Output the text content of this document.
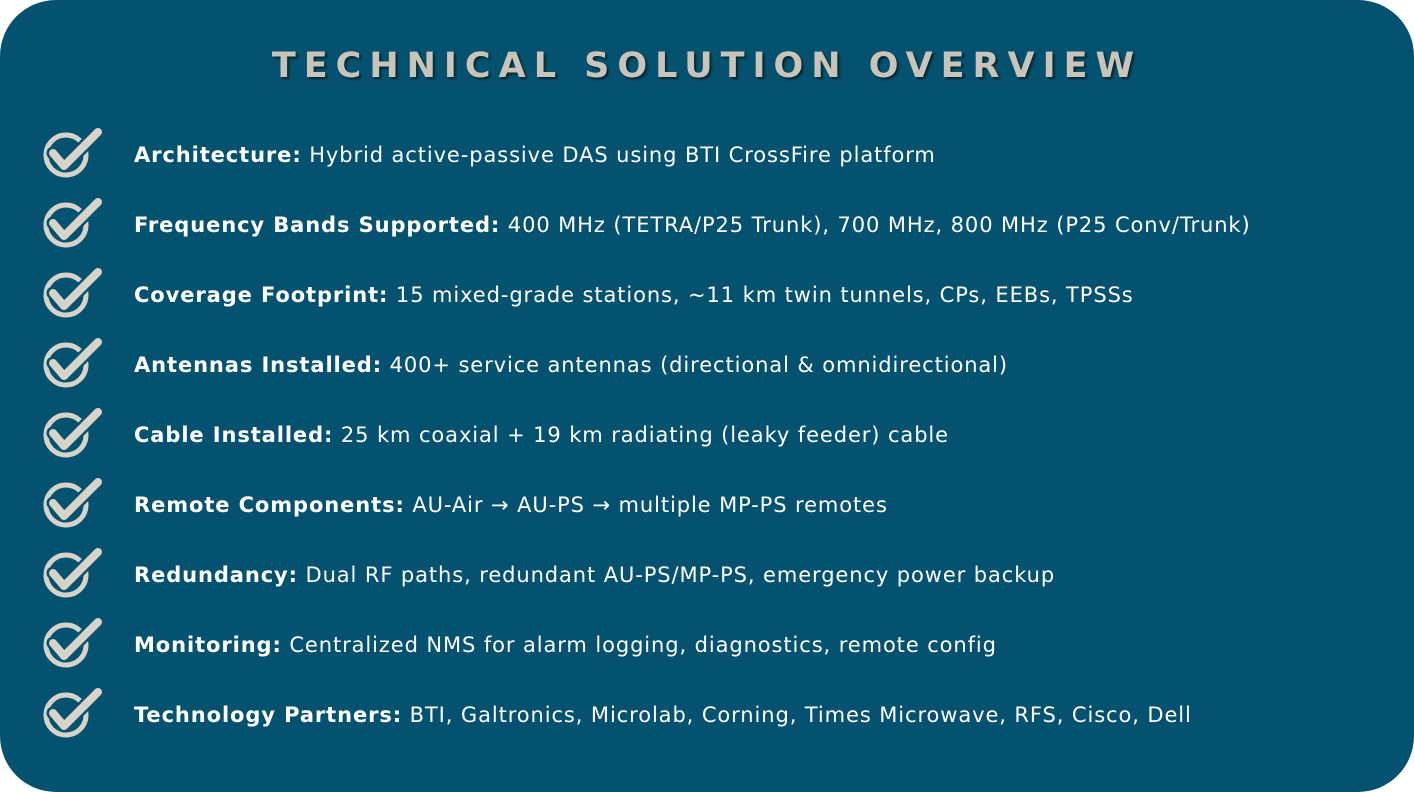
TECHNICAL SOLUTION OVERVIEW
Architecture: Hybrid active-passive DAS using BTI CrossFire platform
Frequency Bands Supported: 400 MHz (TETRA/P25 Trunk), 700 MHz, 800 MHz (P25 Conv/Trunk)
Coverage Footprint: 15 mixed-grade stations, ~11 km twin tunnels, CPs, EEBs, TPSSs
Antennas Installed: 400+ service antennas (directional & omnidirectional)
Cable Installed: 25 km coaxial + 19 km radiating (leaky feeder) cable
Remote Components: AU-Air → AU-PS → multiple MP-PS remotes
Redundancy: Dual RF paths, redundant AU-PS/MP-PS, emergency power backup
Monitoring: Centralized NMS for alarm logging, diagnostics, remote config
Technology Partners: BTI, Galtronics, Microlab, Corning, Times Microwave, RFS, Cisco, Dell
